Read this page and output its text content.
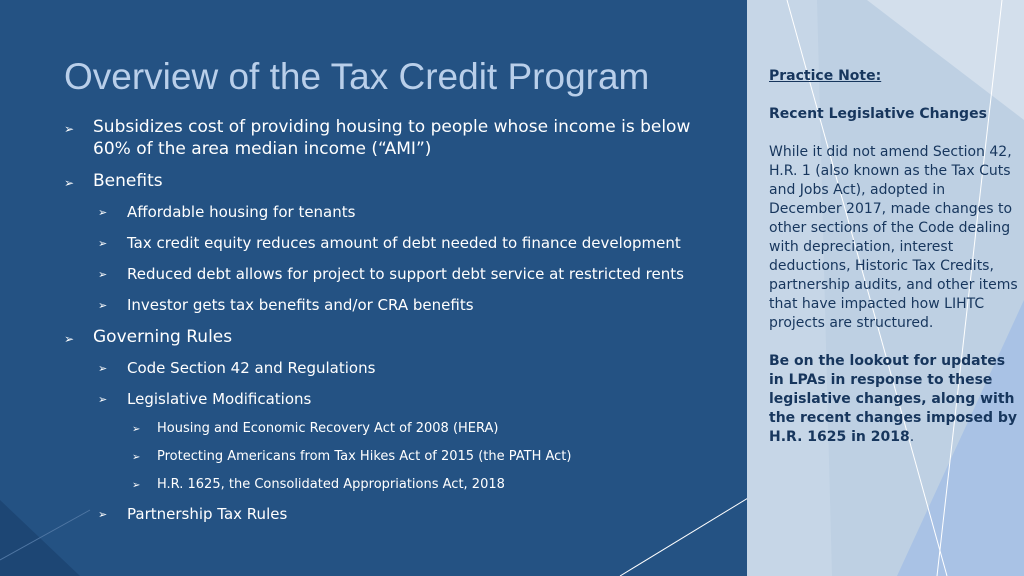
Overview of the Tax Credit Program
➢ Subsidizes cost of providing housing to people whose income is below 60% of the area median income (“AMI”)
➢ Benefits
➢ Affordable housing for tenants
➢ Tax credit equity reduces amount of debt needed to finance development
➢ Reduced debt allows for project to support debt service at restricted rents
➢ Investor gets tax benefits and/or CRA benefits
➢ Governing Rules
➢ Code Section 42 and Regulations
➢ Legislative Modifications
➢ Housing and Economic Recovery Act of 2008 (HERA)
➢ Protecting Americans from Tax Hikes Act of 2015 (the PATH Act)
➢ H.R. 1625, the Consolidated Appropriations Act, 2018
➢ Partnership Tax Rules

Practice Note:

Recent Legislative Changes

While it did not amend Section 42, H.R. 1 (also known as the Tax Cuts and Jobs Act), adopted in December 2017, made changes to other sections of the Code dealing with depreciation, interest deductions, Historic Tax Credits, partnership audits, and other items that have impacted how LIHTC projects are structured.

Be on the lookout for updates in LPAs in response to these legislative changes, along with the recent changes imposed by H.R. 1625 in 2018.
